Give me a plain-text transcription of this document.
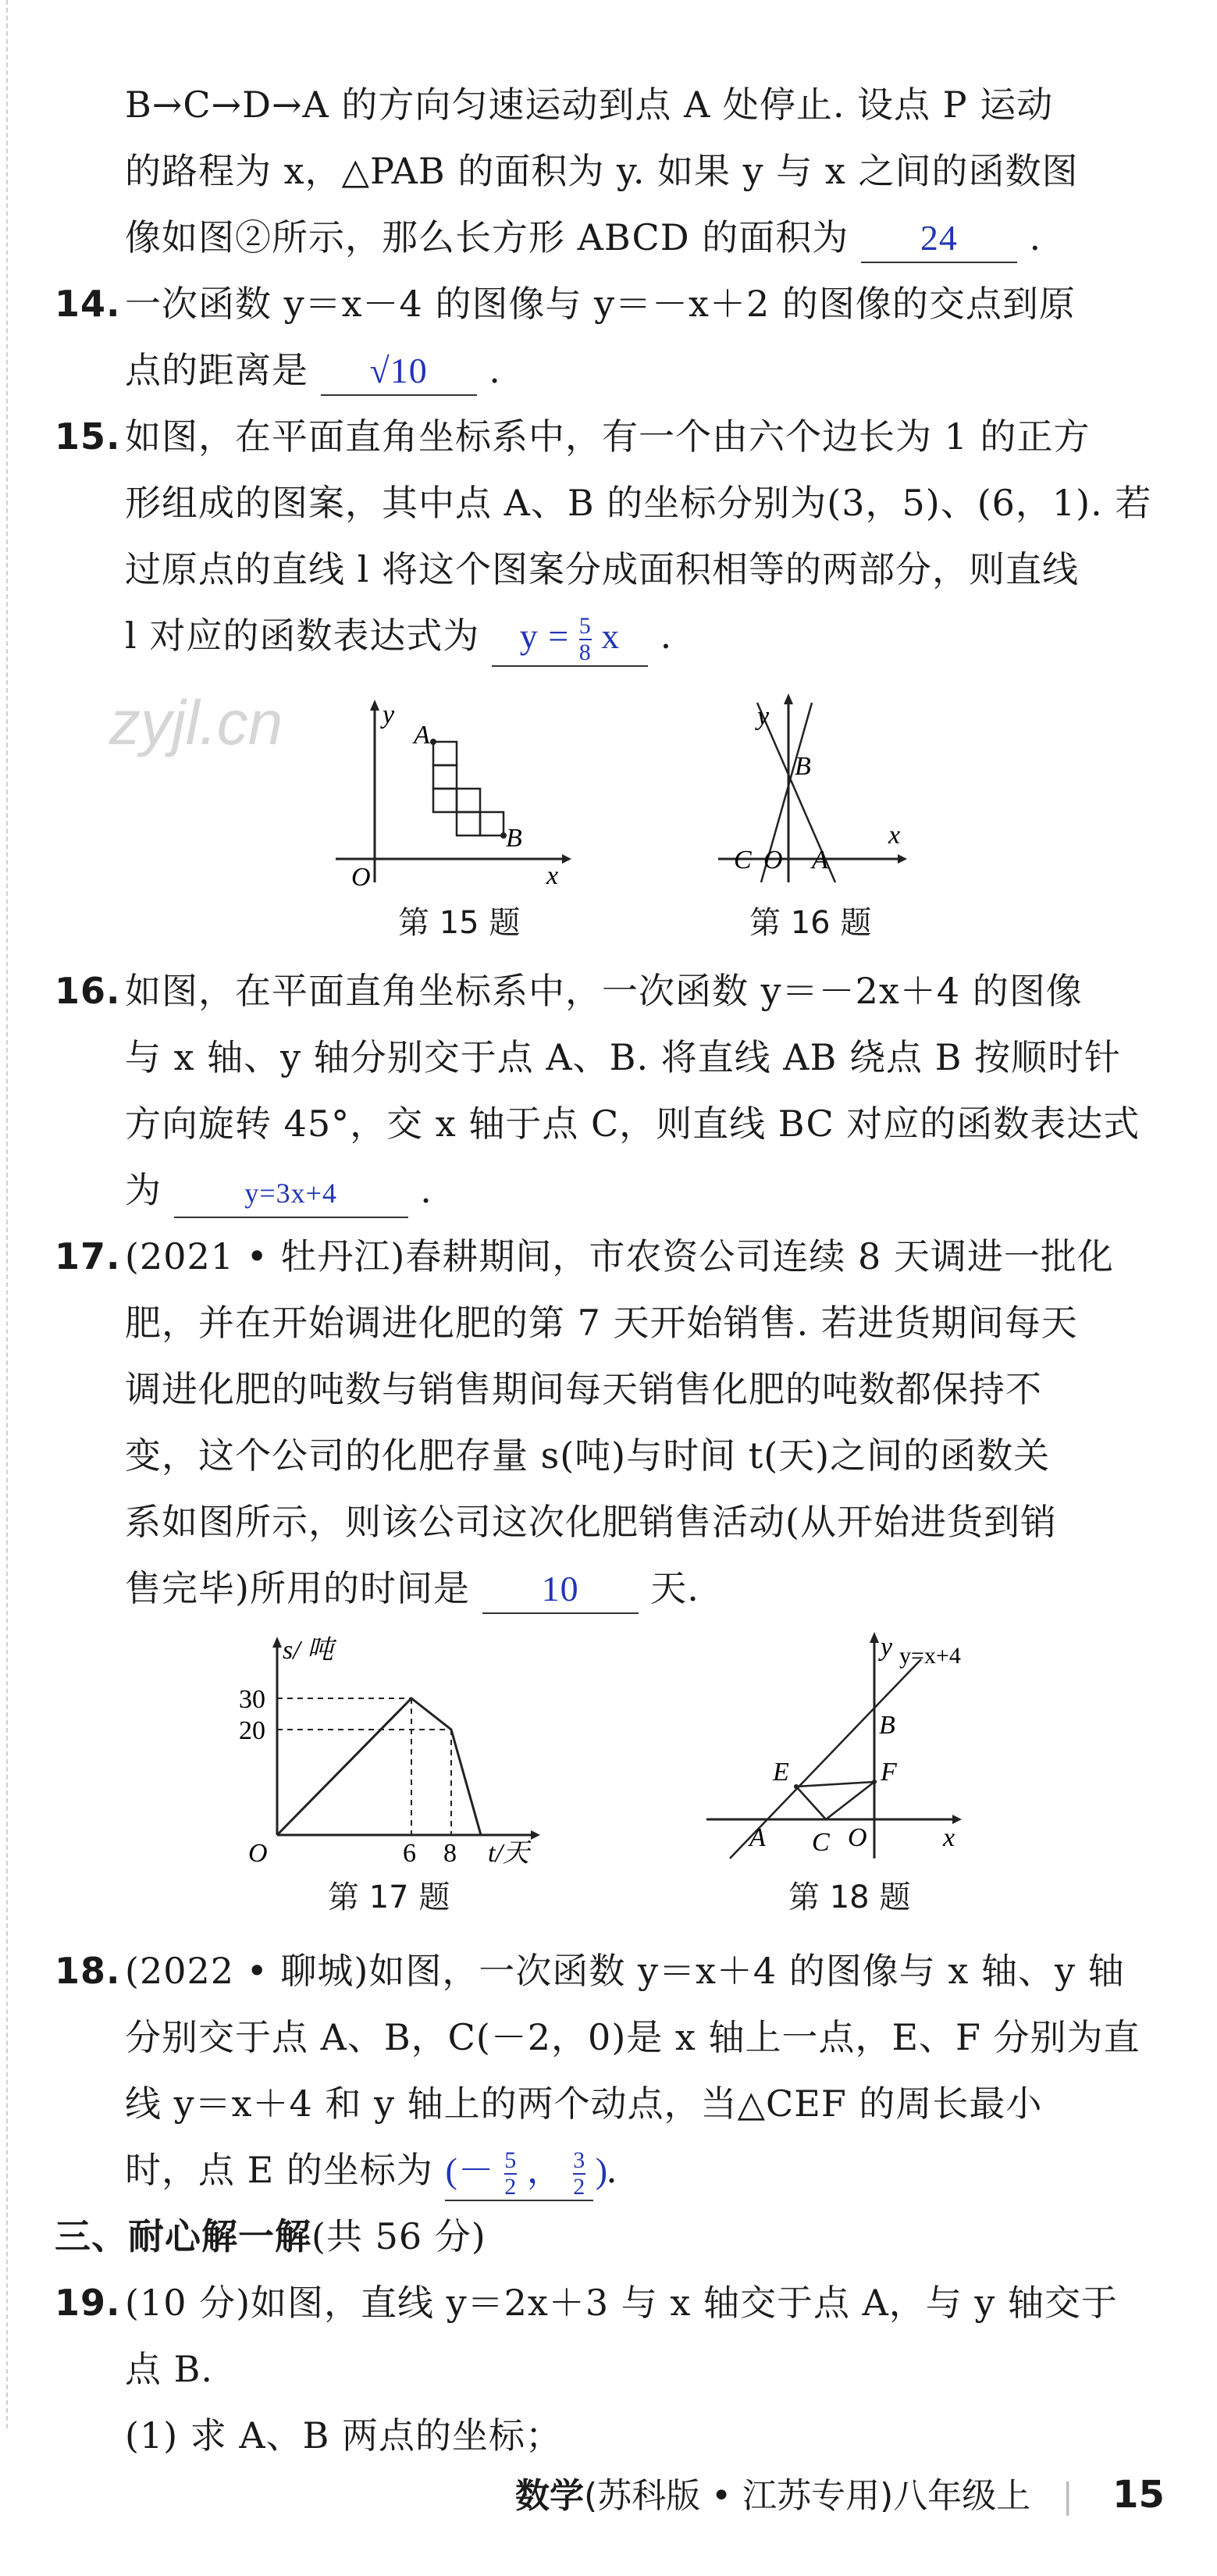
B→C→D→A 的方向匀速运动到点 A 处停止. 设点 P 运动
的路程为 x，△PAB 的面积为 y. 如果 y 与 x 之间的函数图
像如图②所示，那么长方形 ABCD 的面积为 24 .
14. 一次函数 y＝x－4 的图像与 y＝－x＋2 的图像的交点到原
点的距离是 √10 .
15. 如图，在平面直角坐标系中，有一个由六个边长为 1 的正方
形组成的图案，其中点 A、B 的坐标分别为(3，5)、(6，1). 若
过原点的直线 l 将这个图案分成面积相等的两部分，则直线
l 对应的函数表达式为 $y = \frac{5}{8}$ x .
zyjl.cn	A
B
y
x
O
第 15 题
y
B
C O A
x
第 16 题
16. 如图，在平面直角坐标系中，一次函数 y＝－2x＋4 的图像
与 x 轴、y 轴分别交于点 A、B. 将直线 AB 绕点 B 按顺时针
方向旋转 45°，交 x 轴于点 C，则直线 BC 对应的函数表达式
为	y=3x+4 .
17. (2021 • 牡丹江)春耕期间，市农资公司连续 8 天调进一批化
肥，并在开始调进化肥的第 7 天开始销售. 若进货期间每天
调进化肥的吨数与销售期间每天销售化肥的吨数都保持不
变，这个公司的化肥存量 s(吨)与时间 t(天)之间的函数关
系如图所示，则该公司这次化肥销售活动(从开始进货到销
售完毕)所用的时间是 10 天.
s/ 吨
30
20
O	6 8 t/天
第 17 题
y y=x+4
B
E	F
A C O	x
第 18 题
18. (2022 • 聊城)如图，一次函数 y＝x＋4 的图像与 x 轴、y 轴
分别交于点 A、B，C(－2，0)是 x 轴上一点，E、F 分别为直
线 y＝x＋4 和 y 轴上的两个动点，当△CEF 的周长最小
时，点 E 的坐标为 (－ $\frac{5}{2}$ ， $\frac{3}{2}$ ) .
三、耐心解一解(共 56 分)
19. (10 分)如图，直线 y＝2x＋3 与 x 轴交于点 A，与 y 轴交于
点 B.
(1) 求 A、B 两点的坐标；
数学(苏科版 • 江苏专用)八年级上 | 15
